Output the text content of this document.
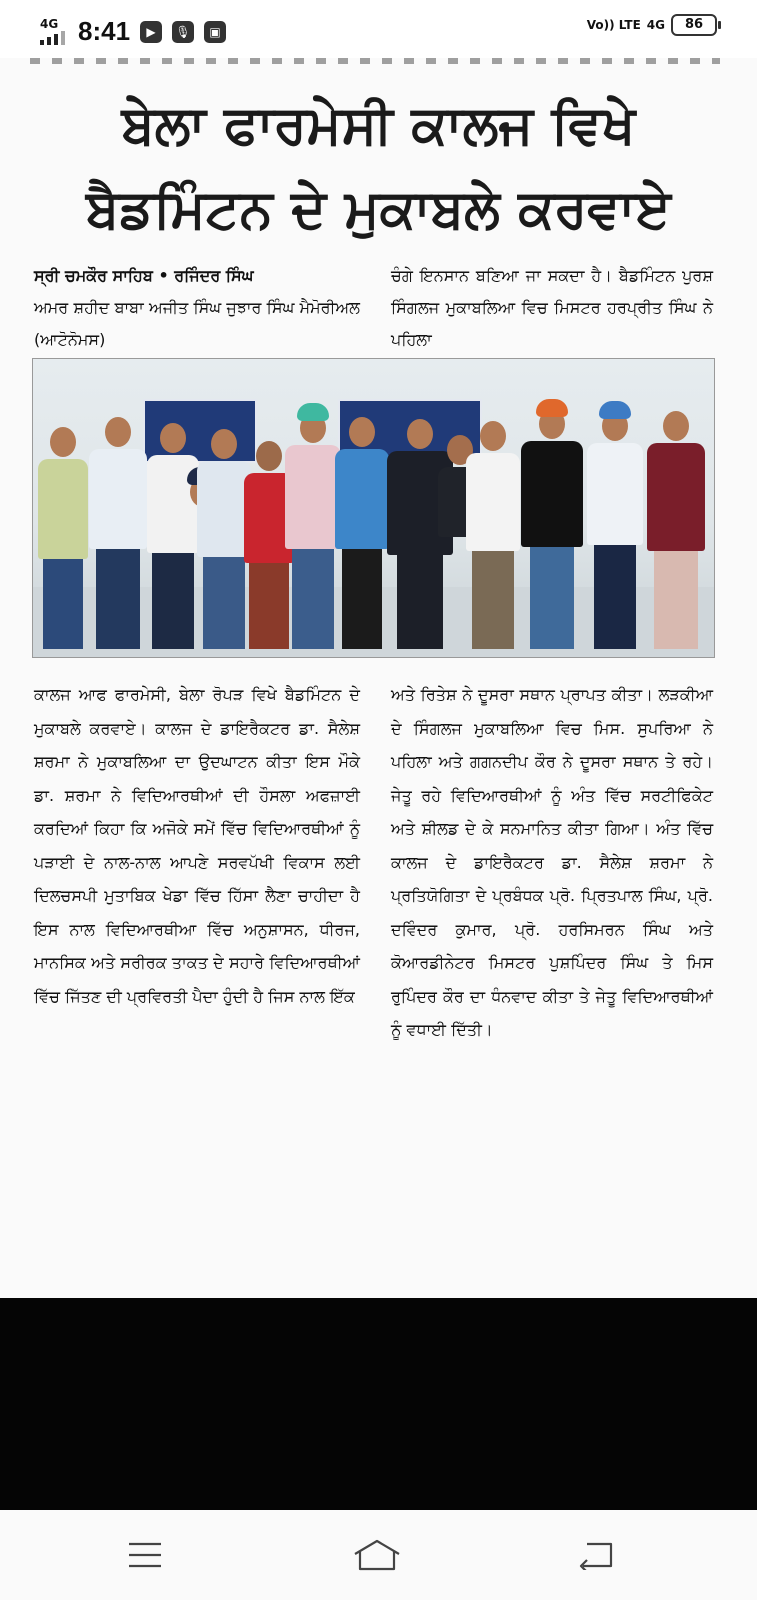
4G 8:41	▶	🎙	▣	Vo)) LTE 4G	86
ਬੇਲਾ ਫਾਰਮੇਸੀ ਕਾਲਜ ਵਿਖੇ
ਬੈਡਮਿੰਟਨ ਦੇ ਮੁਕਾਬਲੇ ਕਰਵਾਏ
ਸ੍ਰੀ ਚਮਕੌਰ ਸਾਹਿਬ • ਰਜਿੰਦਰ ਸਿੰਘ
ਅਮਰ ਸ਼ਹੀਦ ਬਾਬਾ ਅਜੀਤ ਸਿੰਘ ਜੁਝਾਰ ਸਿੰਘ ਮੈਮੋਰੀਅਲ (ਆਟੋਨੋਮਸ)
ਚੰਗੇ ਇਨਸਾਨ ਬਣਿਆ ਜਾ ਸਕਦਾ ਹੈ। ਬੈਡਮਿੰਟਨ ਪੁਰਸ਼ ਸਿੰਗਲਜ ਮੁਕਾਬਲਿਆ ਵਿਚ ਮਿਸਟਰ ਹਰਪ੍ਰੀਤ ਸਿੰਘ ਨੇ ਪਹਿਲਾ

ਕਾਲਜ ਆਫ ਫਾਰਮੇਸੀ, ਬੇਲਾ ਰੋਪੜ ਵਿਖੇ ਬੈਡਮਿੰਟਨ ਦੇ ਮੁਕਾਬਲੇ ਕਰਵਾਏ। ਕਾਲਜ ਦੇ ਡਾਇਰੈਕਟਰ ਡਾ. ਸੈਲੇਸ਼ ਸ਼ਰਮਾ ਨੇ ਮੁਕਾਬਲਿਆ ਦਾ ਉਦਘਾਟਨ ਕੀਤਾ ਇਸ ਮੌਕੇ ਡਾ. ਸ਼ਰਮਾ ਨੇ ਵਿਦਿਆਰਥੀਆਂ ਦੀ ਹੌਸਲਾ ਅਫਜ਼ਾਈ ਕਰਦਿਆਂ ਕਿਹਾ ਕਿ ਅਜੋਕੇ ਸਮੇਂ ਵਿੱਚ ਵਿਦਿਆਰਥੀਆਂ ਨੂੰ ਪੜਾਈ ਦੇ ਨਾਲ-ਨਾਲ ਆਪਣੇ ਸਰਵਪੱਖੀ ਵਿਕਾਸ ਲਈ ਦਿਲਚਸਪੀ ਮੁਤਾਬਿਕ ਖੇਡਾ ਵਿੱਚ ਹਿੱਸਾ ਲੈਣਾ ਚਾਹੀਦਾ ਹੈ ਇਸ ਨਾਲ ਵਿਦਿਆਰਥੀਆ ਵਿੱਚ ਅਨੁਸ਼ਾਸਨ, ਧੀਰਜ, ਮਾਨਸਿਕ ਅਤੇ ਸਰੀਰਕ ਤਾਕਤ ਦੇ ਸਹਾਰੇ ਵਿਦਿਆਰਥੀਆਂ ਵਿੱਚ ਜਿੱਤਣ ਦੀ ਪ੍ਰਵਿਰਤੀ ਪੈਦਾ ਹੁੰਦੀ ਹੈ ਜਿਸ ਨਾਲ ਇੱਕ

ਅਤੇ ਰਿਤੇਸ਼ ਨੇ ਦੂਸਰਾ ਸਥਾਨ ਪ੍ਰਾਪਤ ਕੀਤਾ। ਲੜਕੀਆ ਦੇ ਸਿੰਗਲਜ ਮੁਕਾਬਲਿਆ ਵਿਚ ਮਿਸ. ਸੁਪਰਿਆ ਨੇ ਪਹਿਲਾ ਅਤੇ ਗਗਨਦੀਪ ਕੌਰ ਨੇ ਦੂਸਰਾ ਸਥਾਨ ਤੇ ਰਹੇ। ਜੇਤੂ ਰਹੇ ਵਿਦਿਆਰਥੀਆਂ ਨੂੰ ਅੰਤ ਵਿੱਚ ਸਰਟੀਫਿਕੇਟ ਅਤੇ ਸ਼ੀਲਡ ਦੇ ਕੇ ਸਨਮਾਨਿਤ ਕੀਤਾ ਗਿਆ। ਅੰਤ ਵਿੱਚ ਕਾਲਜ ਦੇ ਡਾਇਰੈਕਟਰ ਡਾ. ਸੈਲੇਸ਼ ਸ਼ਰਮਾ ਨੇ ਪ੍ਰਤਿਯੋਗਿਤਾ ਦੇ ਪ੍ਰਬੰਧਕ ਪ੍ਰੋ. ਪ੍ਰਿਤਪਾਲ ਸਿੰਘ, ਪ੍ਰੋ. ਦਵਿੰਦਰ ਕੁਮਾਰ, ਪ੍ਰੋ. ਹਰਸਿਮਰਨ ਸਿੰਘ ਅਤੇ ਕੋਆਰਡੀਨੇਟਰ ਮਿਸਟਰ ਪੁਸ਼ਪਿੰਦਰ ਸਿੰਘ ਤੇ ਮਿਸ ਰੁਪਿੰਦਰ ਕੌਰ ਦਾ ਧੰਨਵਾਦ ਕੀਤਾ ਤੇ ਜੇਤੂ ਵਿਦਿਆਰਥੀਆਂ ਨੂੰ ਵਧਾਈ ਦਿੱਤੀ।
